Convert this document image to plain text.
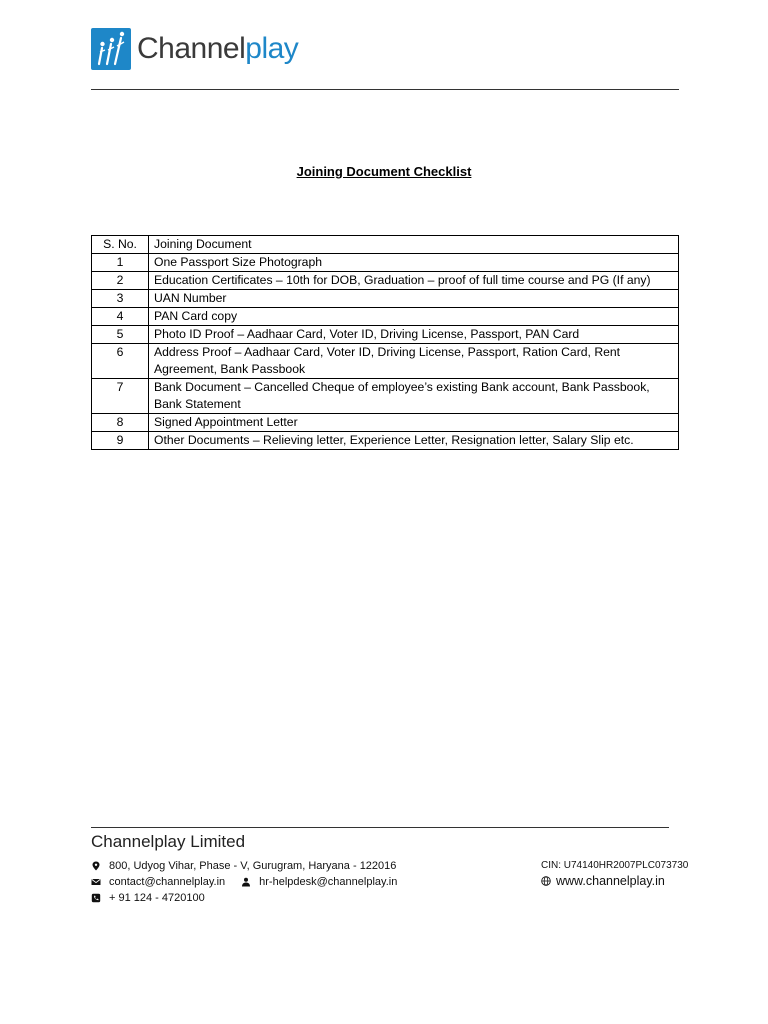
Channelplay
Joining Document Checklist
S. No.	Joining Document
1	One Passport Size Photograph
2	Education Certificates – 10th for DOB, Graduation – proof of full time course and PG (If any)
3	UAN Number
4	PAN Card copy
5	Photo ID Proof – Aadhaar Card, Voter ID, Driving License, Passport, PAN Card
6	Address Proof – Aadhaar Card, Voter ID, Driving License, Passport, Ration Card, Rent Agreement, Bank Passbook
7	Bank Document – Cancelled Cheque of employee’s existing Bank account, Bank Passbook, Bank Statement
8	Signed Appointment Letter
9	Other Documents – Relieving letter, Experience Letter, Resignation letter, Salary Slip etc.
Channelplay Limited
800, Udyog Vihar, Phase - V, Gurugram, Haryana - 122016
contact@channelplay.in	hr-helpdesk@channelplay.in
+ 91 124 - 4720100
CIN: U74140HR2007PLC073730
www.channelplay.in
